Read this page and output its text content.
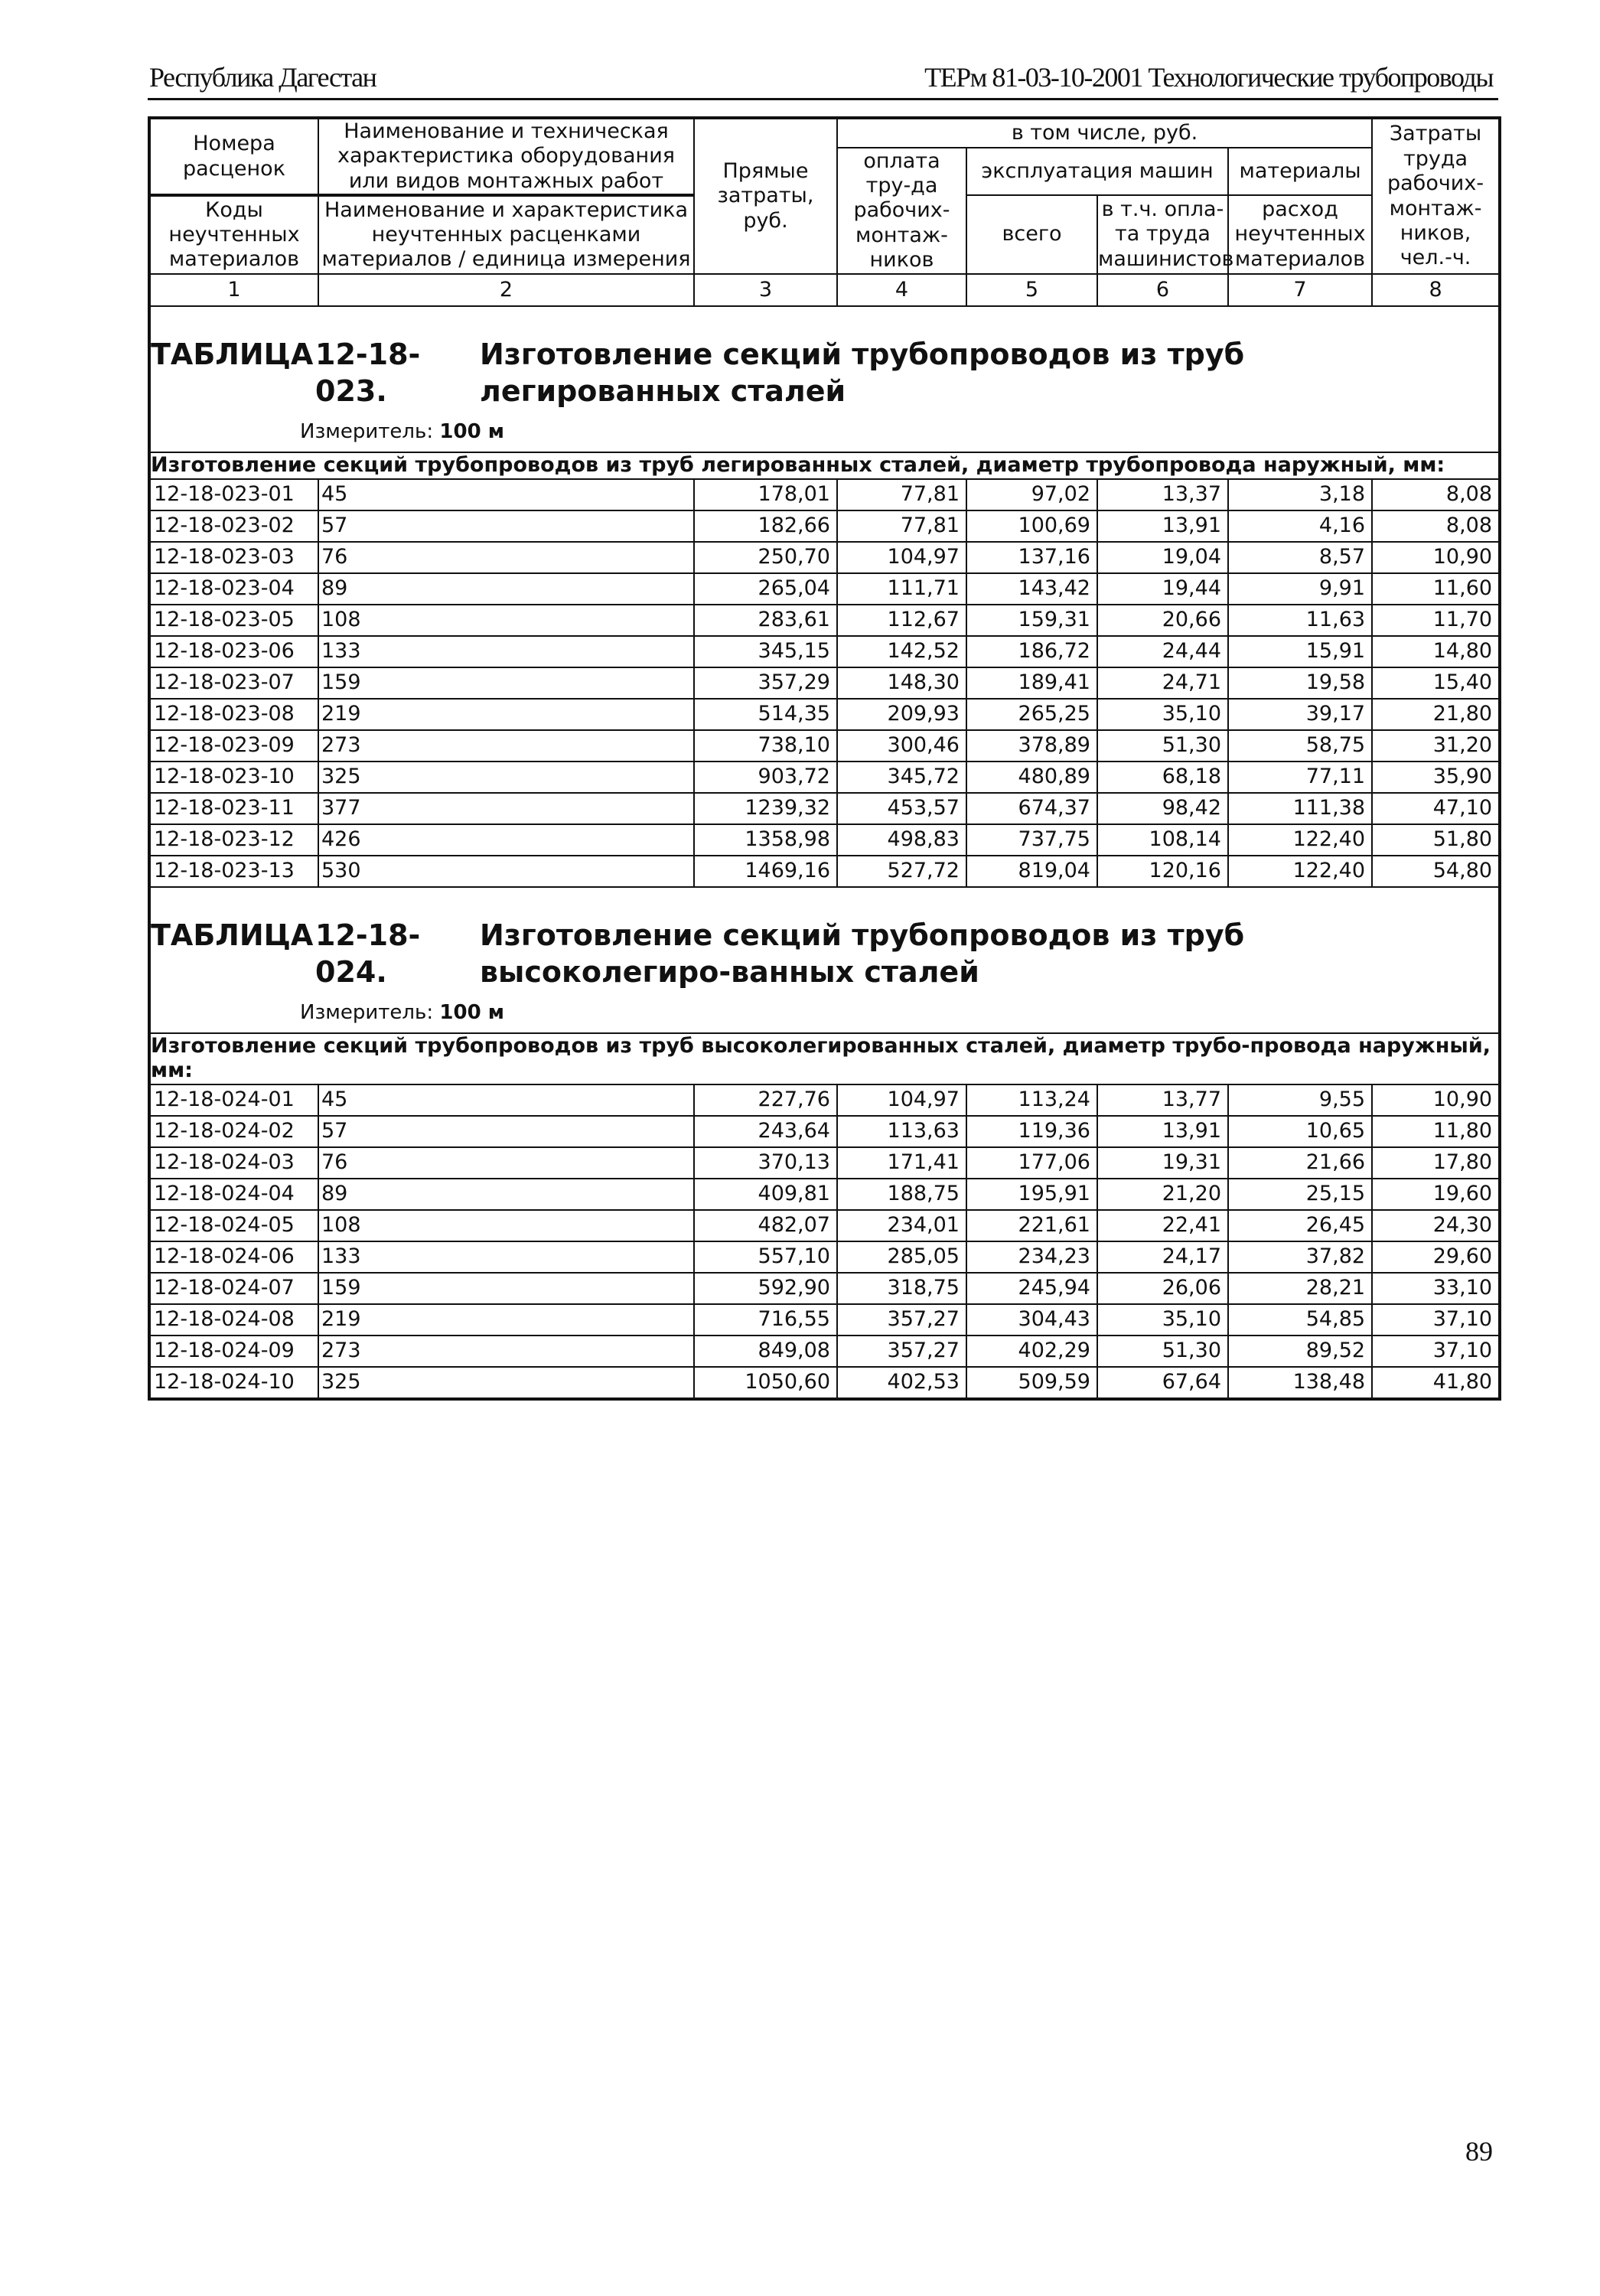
Республика Дагестан	ТЕРм 81-03-10-2001 Технологические трубопроводы
Номера расценок	Наименование и техническая характеристика оборудования или видов монтажных работ	Прямые затраты, руб.	в том числе, руб.				Затраты труда рабочих-монтаж-ников, чел.-ч.
			оплата тру-да рабочих-монтаж-ников	эксплуатация машин		материалы	
Коды неучтенных материалов	Наименование и характеристика неучтенных расценками материалов / единица измерения			всего	в т.ч. опла-та труда машинистов	расход неучтенных материалов	

1	2	3	4	5	6	7	8

ТАБЛИЦА 12-18-023.
Изготовление секций трубопроводов из труб легированных сталей
Измеритель: 100 м							

Изготовление секций трубопроводов из труб легированных сталей, диаметр трубопровода наружный, мм:							
12-18-023-01	45	178,01	77,81	97,02	13,37	3,18	8,08
12-18-023-02	57	182,66	77,81	100,69	13,91	4,16	8,08
12-18-023-03	76	250,70	104,97	137,16	19,04	8,57	10,90
12-18-023-04	89	265,04	111,71	143,42	19,44	9,91	11,60
12-18-023-05	108	283,61	112,67	159,31	20,66	11,63	11,70
12-18-023-06	133	345,15	142,52	186,72	24,44	15,91	14,80
12-18-023-07	159	357,29	148,30	189,41	24,71	19,58	15,40
12-18-023-08	219	514,35	209,93	265,25	35,10	39,17	21,80
12-18-023-09	273	738,10	300,46	378,89	51,30	58,75	31,20
12-18-023-10	325	903,72	345,72	480,89	68,18	77,11	35,90
12-18-023-11	377	1239,32	453,57	674,37	98,42	111,38	47,10
12-18-023-12	426	1358,98	498,83	737,75	108,14	122,40	51,80
12-18-023-13	530	1469,16	527,72	819,04	120,16	122,40	54,80

ТАБЛИЦА 12-18-024.
Изготовление секций трубопроводов из труб высоколегиро-ванных сталей
Измеритель: 100 м							

Изготовление секций трубопроводов из труб высоколегированных сталей, диаметр трубо-провода наружный, мм:							
12-18-024-01	45	227,76	104,97	113,24	13,77	9,55	10,90
12-18-024-02	57	243,64	113,63	119,36	13,91	10,65	11,80
12-18-024-03	76	370,13	171,41	177,06	19,31	21,66	17,80
12-18-024-04	89	409,81	188,75	195,91	21,20	25,15	19,60
12-18-024-05	108	482,07	234,01	221,61	22,41	26,45	24,30
12-18-024-06	133	557,10	285,05	234,23	24,17	37,82	29,60
12-18-024-07	159	592,90	318,75	245,94	26,06	28,21	33,10
12-18-024-08	219	716,55	357,27	304,43	35,10	54,85	37,10
12-18-024-09	273	849,08	357,27	402,29	51,30	89,52	37,10
12-18-024-10	325	1050,60	402,53	509,59	67,64	138,48	41,80
89
